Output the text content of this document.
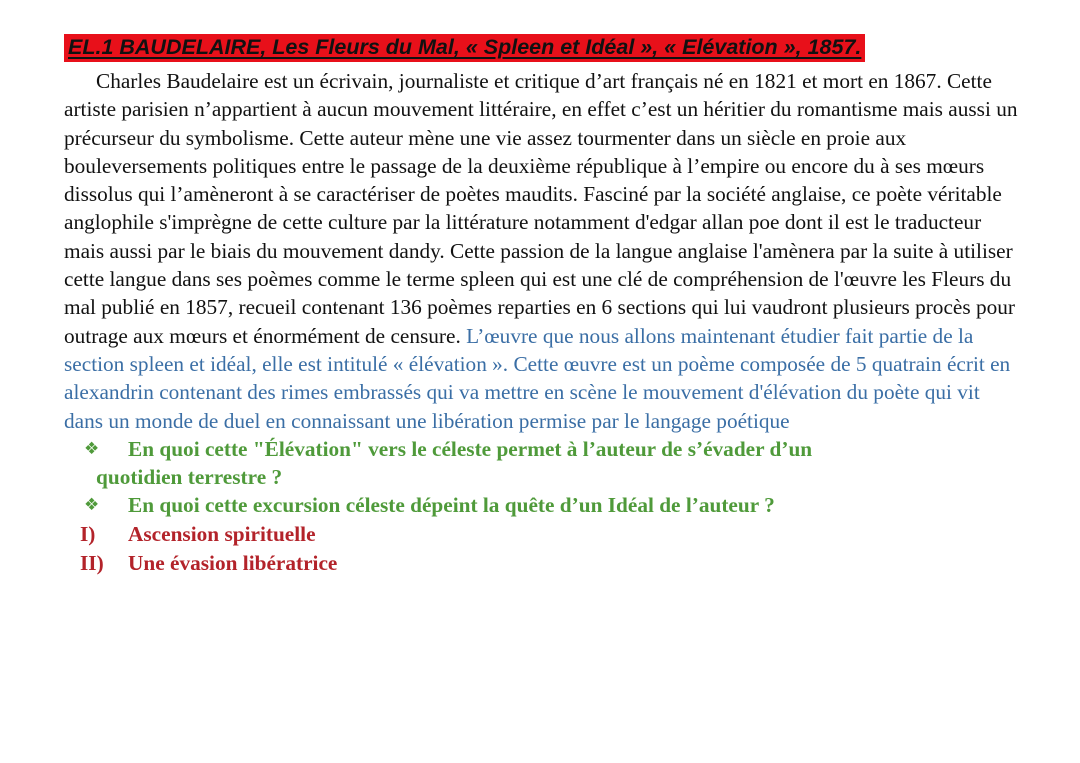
EL.1 BAUDELAIRE, Les Fleurs du Mal, « Spleen et Idéal », « Elévation », 1857.

Charles Baudelaire est un écrivain, journaliste et critique d’art français né en 1821 et mort en 1867. Cette artiste parisien n’appartient à aucun mouvement littéraire, en effet c’est un héritier du romantisme mais aussi un précurseur du symbolisme. Cette auteur mène une vie assez tourmenter dans un siècle en proie aux bouleversements politiques entre le passage de la deuxième république à l’empire ou encore du à ses mœurs dissolus qui l’amèneront à se caractériser de poètes maudits. Fasciné par la société anglaise, ce poète véritable anglophile s'imprègne de cette culture par la littérature notamment d'edgar allan poe dont il est le traducteur mais aussi par le biais du mouvement dandy. Cette passion de la langue anglaise l'amènera par la suite à utiliser cette langue dans ses poèmes comme le terme spleen qui est une clé de compréhension de l'œuvre les Fleurs du mal publié en 1857, recueil contenant 136 poèmes reparties en 6 sections qui lui vaudront plusieurs procès pour outrage aux mœurs et énormément de censure. L’œuvre que nous allons maintenant étudier fait partie de la section spleen et idéal, elle est intitulé « élévation ». Cette œuvre est un poème composée de 5 quatrain écrit en alexandrin contenant des rimes embrassés qui va mettre en scène le mouvement d'élévation du poète qui vit dans un monde de duel en connaissant une libération permise par le langage poétique

❖ En quoi cette "Élévation" vers le céleste permet à l’auteur de s’évader d’un
quotidien terrestre ?
❖ En quoi cette excursion céleste dépeint la quête d’un Idéal de l’auteur ?
I) Ascension spirituelle
II) Une évasion libératrice
